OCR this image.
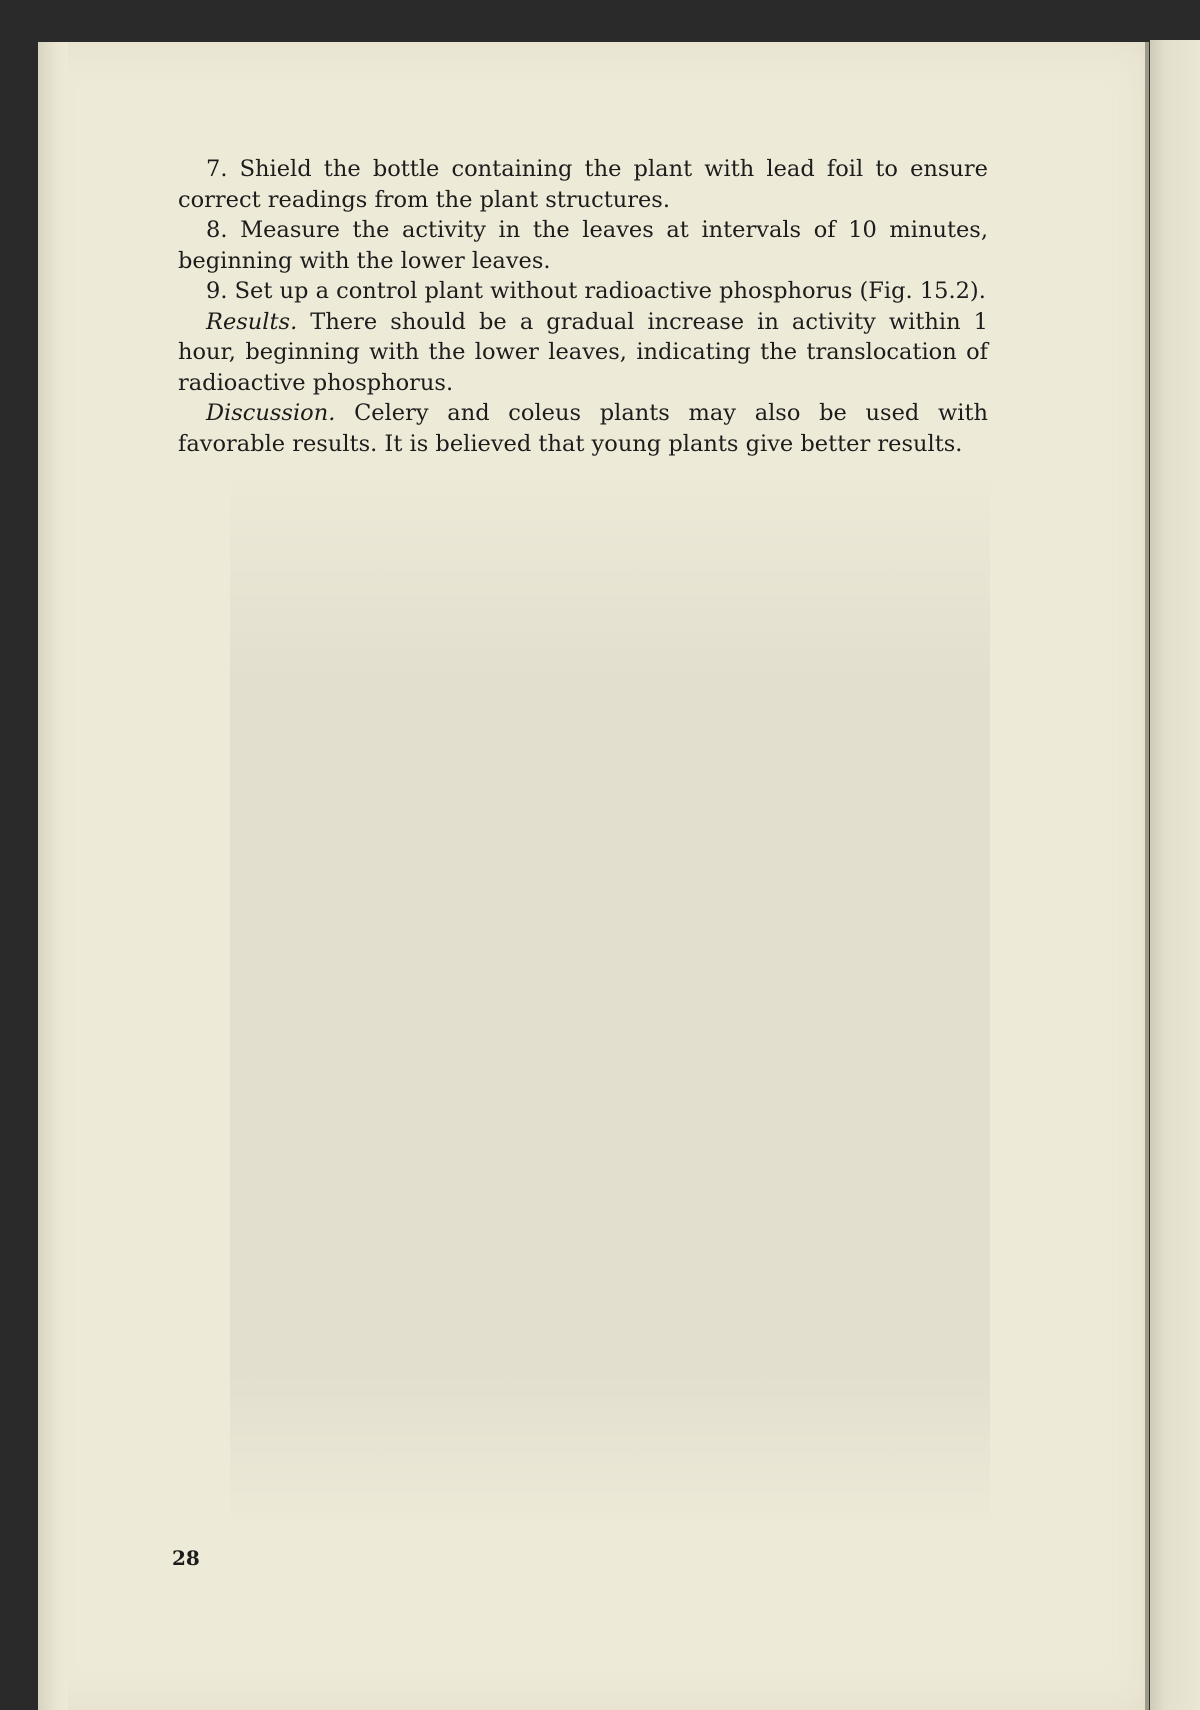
7. Shield the bottle containing the plant with lead foil to ensure correct readings from the plant structures.

8. Measure the activity in the leaves at intervals of 10 minutes, beginning with the lower leaves.

9. Set up a control plant without radioactive phosphorus (Fig. 15.2).

Results. There should be a gradual increase in activity within 1 hour, beginning with the lower leaves, indicating the translocation of radioactive phosphorus.

Discussion. Celery and coleus plants may also be used with favorable results. It is believed that young plants give better results.

28
